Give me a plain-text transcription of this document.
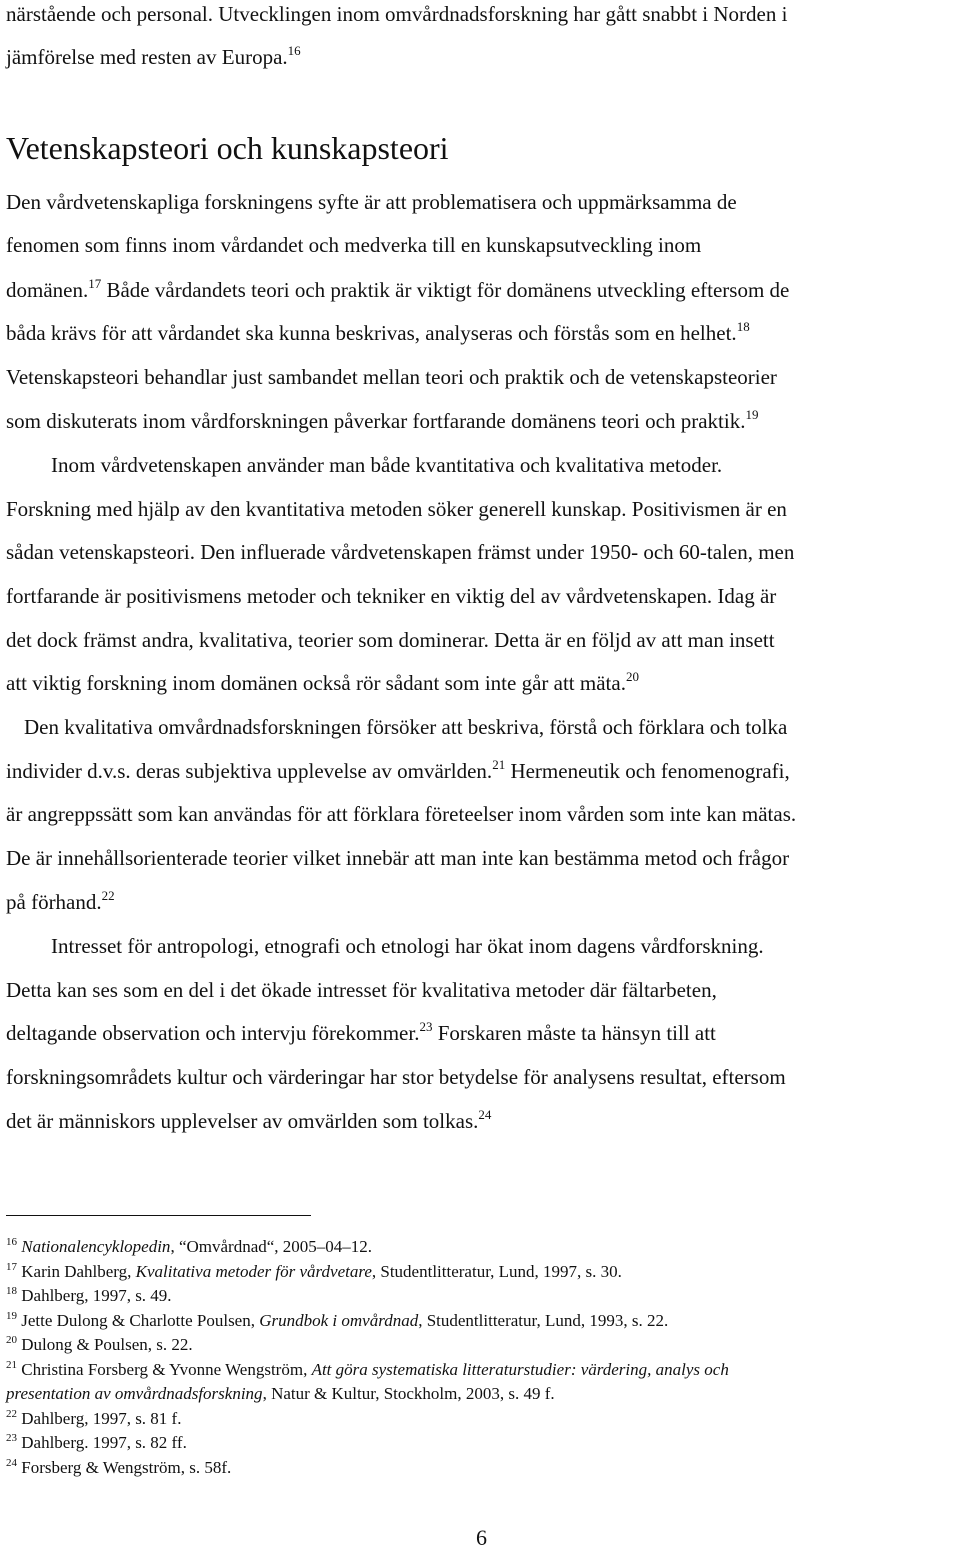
närstående och personal. Utvecklingen inom omvårdnadsforskning har gått snabbt i Norden i
jämförelse med resten av Europa.$^{16}$
Vetenskapsteori och kunskapsteori
Den vårdvetenskapliga forskningens syfte är att problematisera och uppmärksamma de
fenomen som finns inom vårdandet och medverka till en kunskapsutveckling inom
domänen.$^{17}$ Både vårdandets teori och praktik är viktigt för domänens utveckling eftersom de
båda krävs för att vårdandet ska kunna beskrivas, analyseras och förstås som en helhet.$^{18}$
Vetenskapsteori behandlar just sambandet mellan teori och praktik och de vetenskapsteorier
som diskuterats inom vårdforskningen påverkar fortfarande domänens teori och praktik.$^{19}$
Inom vårdvetenskapen använder man både kvantitativa och kvalitativa metoder.
Forskning med hjälp av den kvantitativa metoden söker generell kunskap. Positivismen är en
sådan vetenskapsteori. Den influerade vårdvetenskapen främst under 1950- och 60-talen, men
fortfarande är positivismens metoder och tekniker en viktig del av vårdvetenskapen. Idag är
det dock främst andra, kvalitativa, teorier som dominerar. Detta är en följd av att man insett
att viktig forskning inom domänen också rör sådant som inte går att mäta.$^{20}$
Den kvalitativa omvårdnadsforskningen försöker att beskriva, förstå och förklara och tolka
individer d.v.s. deras subjektiva upplevelse av omvärlden.$^{21}$ Hermeneutik och fenomenografi,
är angreppssätt som kan användas för att förklara företeelser inom vården som inte kan mätas.
De är innehållsorienterade teorier vilket innebär att man inte kan bestämma metod och frågor
på förhand.$^{22}$
Intresset för antropologi, etnografi och etnologi har ökat inom dagens vårdforskning.
Detta kan ses som en del i det ökade intresset för kvalitativa metoder där fältarbeten,
deltagande observation och intervju förekommer.$^{23}$ Forskaren måste ta hänsyn till att
forskningsområdets kultur och värderingar har stor betydelse för analysens resultat, eftersom
det är människors upplevelser av omvärlden som tolkas.$^{24}$
$^{16}$ Nationalencyklopedin, “Omvårdnad“, 2005–04–12.
$^{17}$ Karin Dahlberg, Kvalitativa metoder för vårdvetare, Studentlitteratur, Lund, 1997, s. 30.
$^{18}$ Dahlberg, 1997, s. 49.
$^{19}$ Jette Dulong & Charlotte Poulsen, Grundbok i omvårdnad, Studentlitteratur, Lund, 1993, s. 22.
$^{20}$ Dulong & Poulsen, s. 22.
$^{21}$ Christina Forsberg & Yvonne Wengström, Att göra systematiska litteraturstudier: värdering, analys och
presentation av omvårdnadsforskning, Natur & Kultur, Stockholm, 2003, s. 49 f.
$^{22}$ Dahlberg, 1997, s. 81 f.
$^{23}$ Dahlberg. 1997, s. 82 ff.
$^{24}$ Forsberg & Wengström, s. 58f.
6
